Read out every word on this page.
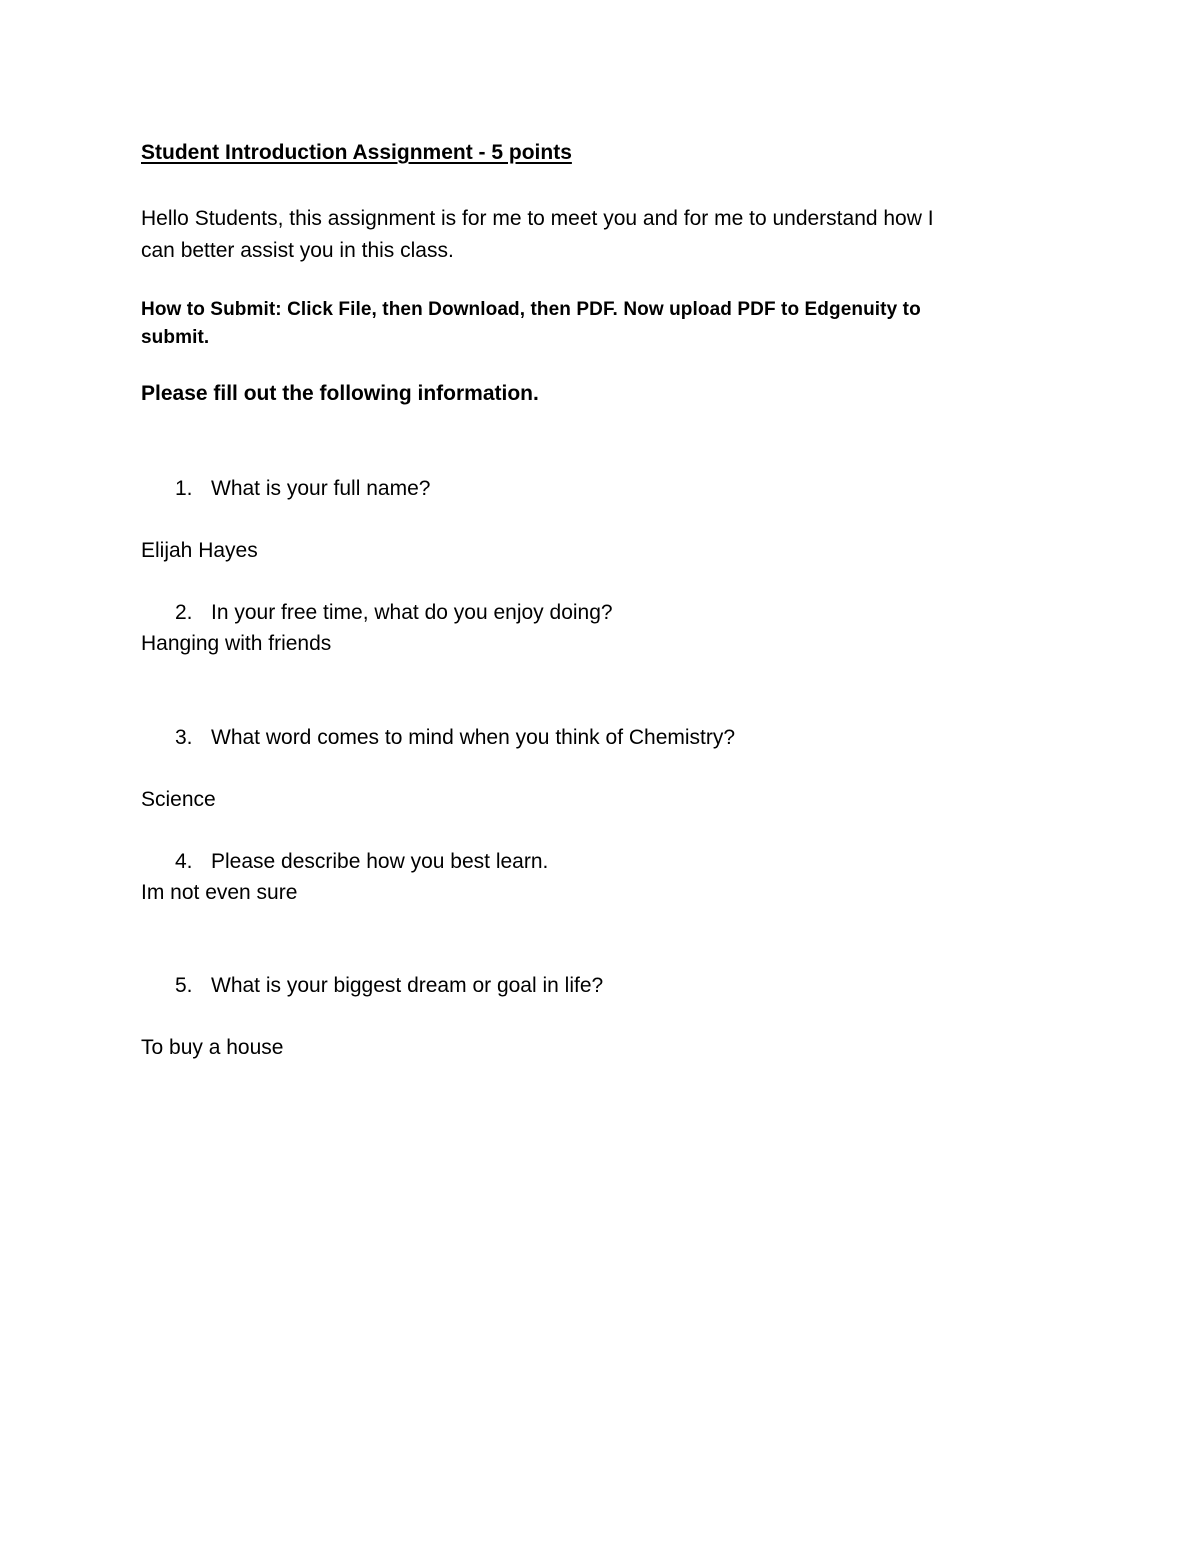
Student Introduction Assignment - 5 points
Hello Students, this assignment is for me to meet you and for me to understand how I
can better assist you in this class.
How to Submit: Click File, then Download, then PDF. Now upload PDF to Edgenuity to
submit.
Please fill out the following information.
1. What is your full name?
Elijah Hayes
2. In your free time, what do you enjoy doing?
Hanging with friends
3. What word comes to mind when you think of Chemistry?
Science
4. Please describe how you best learn.
Im not even sure
5. What is your biggest dream or goal in life?
To buy a house
